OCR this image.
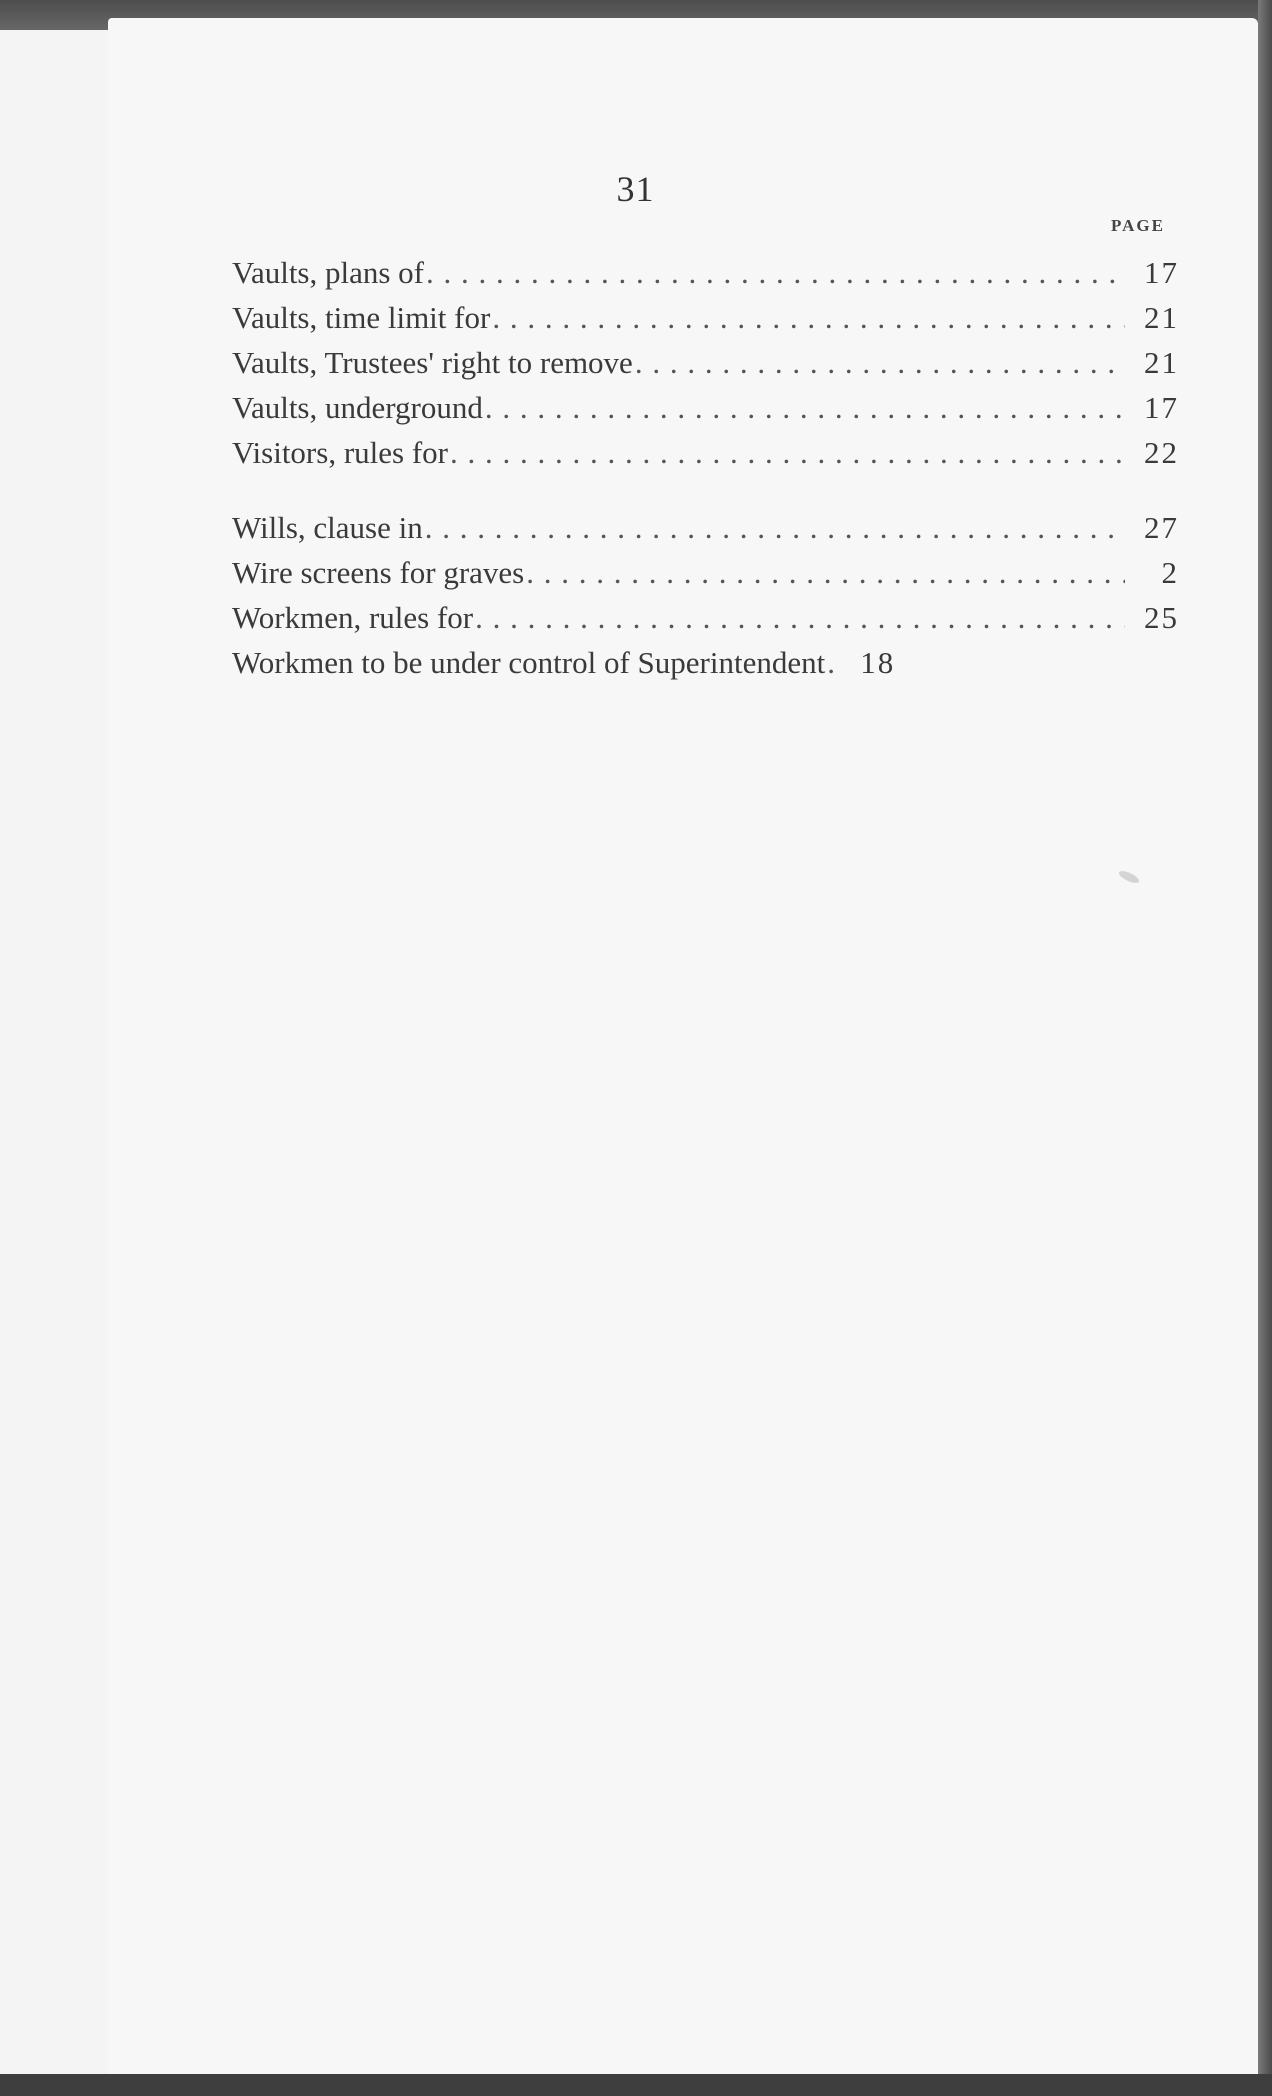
31
PAGE
Vaults, plans of . . .	17
Vaults, time limit for . . .	21
Vaults, Trustees' right to remove . . .	21
Vaults, underground . . .	17
Visitors, rules for . . .	22
Wills, clause in . . .	27
Wire screens for graves . . .	2
Workmen, rules for . . .	25
Workmen to be under control of Superintendent . . .	18
